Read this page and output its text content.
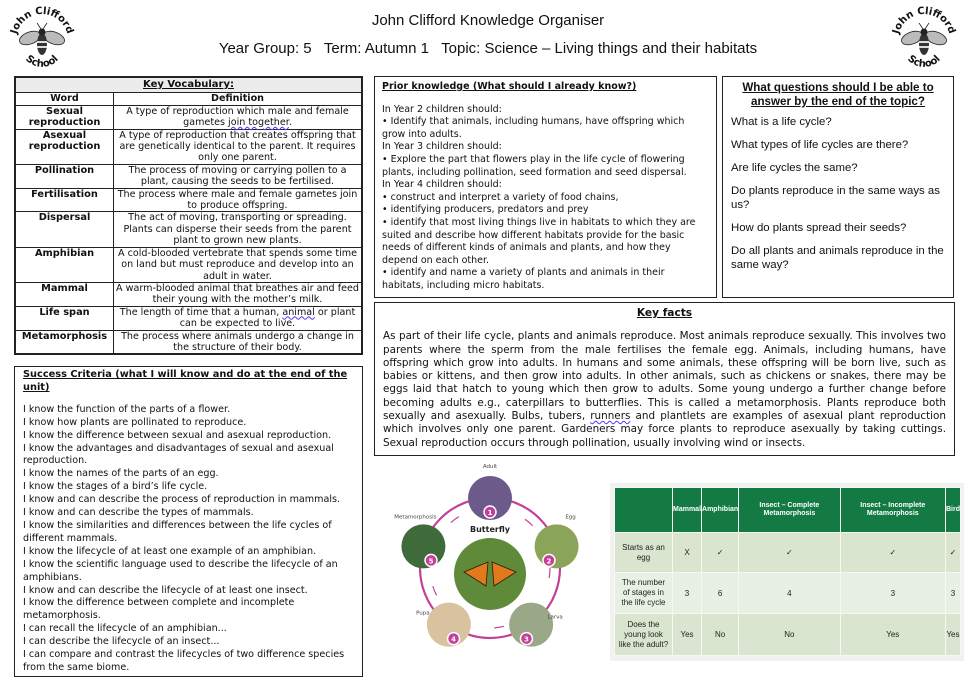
John Clifford
School
John Clifford
School
John Clifford Knowledge Organiser
Year Group: 5   Term: Autumn 1   Topic: Science – Living things and their habitats
Key Vocabulary:	
Word	Definition
Sexual reproduction	A type of reproduction which male and female gametes join together.
Asexual reproduction	A type of reproduction that creates offspring that are genetically identical to the parent. It requires only one parent.
Pollination	The process of moving or carrying pollen to a plant, causing the seeds to be fertilised.
Fertilisation	The process where male and female gametes join to produce offspring.
Dispersal	The act of moving, transporting or spreading. Plants can disperse their seeds from the parent plant to grown new plants.
Amphibian	A cold-blooded vertebrate that spends some time on land but must reproduce and develop into an adult in water.
Mammal	A warm-blooded animal that breathes air and feed their young with the mother’s milk.
Life span	The length of time that a human, animal or plant can be expected to live.
Metamorphosis	The process where animals undergo a change in the structure of their body.
Success Criteria (what I will know and do at the end of the unit)
I know the function of the parts of a flower.
I know how plants are pollinated to reproduce.
I know the difference between sexual and asexual reproduction.
I know the advantages and disadvantages of sexual and asexual reproduction.
I know the names of the parts of an egg.
I know the stages of a bird’s life cycle.
I know and can describe the process of reproduction in mammals.
I know and can describe the types of mammals.
I know the similarities and differences between the life cycles of different mammals.
I know the lifecycle of at least one example of an amphibian.
I know the scientific language used to describe the lifecycle of an amphibians.
I know and can describe the lifecycle of at least one insect.
I know the difference between complete and incomplete metamorphosis.
I can recall the lifecycle of an amphibian...
I can describe the lifecycle of an insect...
I can compare and contrast the lifecycles of two difference species from the same biome.
Prior knowledge (What should I already know?)
In Year 2 children should:
• Identify that animals, including humans, have offspring which grow into adults.
In Year 3 children should:
• Explore the part that flowers play in the life cycle of flowering plants, including pollination, seed formation and seed dispersal.
In Year 4 children should:
• construct and interpret a variety of food chains,
• identifying producers, predators and prey
• identify that most living things live in habitats to which they are suited and describe how different habitats provide for the basic needs of different kinds of animals and plants, and how they depend on each other.
• identify and name a variety of plants and animals in their habitats, including micro habitats.
What questions should I be able to answer by the end of the topic?
What is a life cycle?
What types of life cycles are there?
Are life cycles the same?
Do plants reproduce in the same ways as us?
How do plants spread their seeds?
Do all plants and animals reproduce in the same way?
Key facts

As part of their life cycle, plants and animals reproduce. Most animals reproduce sexually. This involves two parents where the sperm from the male fertilises the female egg. Animals, including humans, have offspring which grow into adults. In humans and some animals, these offspring will be born live, such as babies or kittens, and then grow into adults. In other animals, such as chickens or snakes, there may be eggs laid that hatch to young which then grow to adults. Some young undergo a further change before becoming adults e.g., caterpillars to butterflies. This is called a metamorphosis. Plants reproduce both sexually and asexually. Bulbs, tubers, runners and plantlets are examples of asexual plant reproduction which involves only one parent. Gardeners may force plants to reproduce asexually by taking cuttings. Sexual reproduction occurs through pollination, usually involving wind or insects.

Butterfly
1
Adult
2
Egg
3
Larva
4
Pupa
5
Metamorphosis
	Mammal	Amphibian	Insect – Complete Metamorphosis	Insect – Incomplete Metamorphosis	Bird
Starts as an egg	X	✓	✓	✓	✓
The number of stages in the life cycle	3	6	4	3	3
Does the young look like the adult?	Yes	No	No	Yes	Yes
